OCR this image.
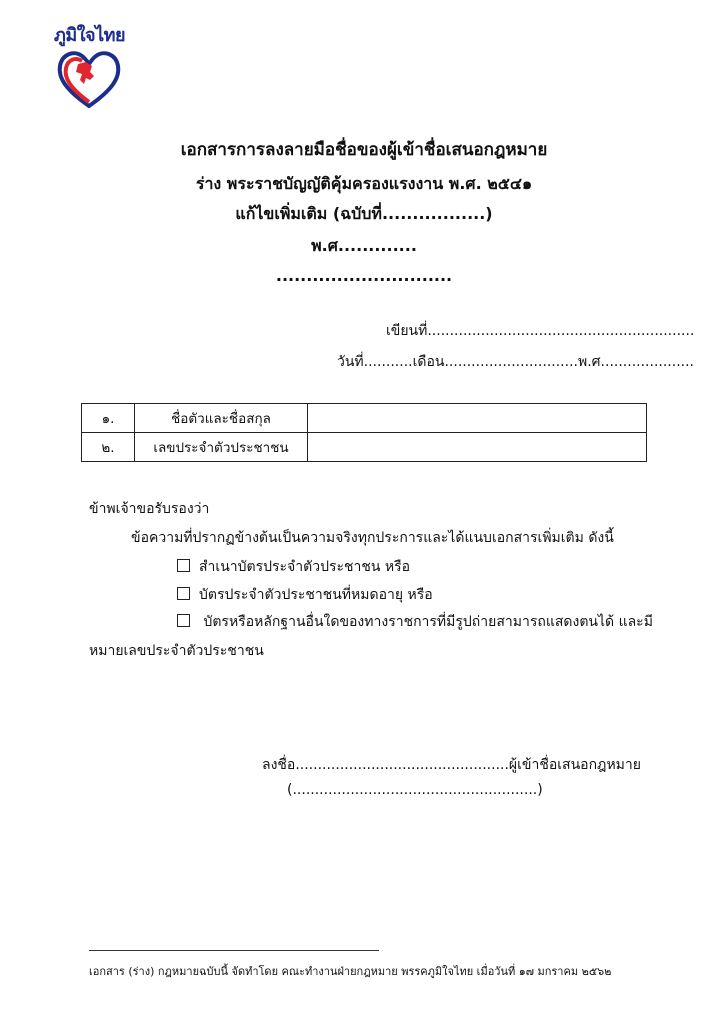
ภูมิใจไทย
เอกสารการลงลายมือชื่อของผู้เข้าชื่อเสนอกฎหมาย
ร่าง พระราชบัญญัติคุ้มครองแรงงาน พ.ศ. ๒๕๔๑
แก้ไขเพิ่มเติม (ฉบับที่.................)
พ.ศ.............
.............................
เขียนที่............................................................
วันที่...........เดือน..............................พ.ศ.....................
๑.	ชื่อตัวและชื่อสกุล	
๒.	เลขประจำตัวประชาชน	
ข้าพเจ้าขอรับรองว่า
ข้อความที่ปรากฏข้างต้นเป็นความจริงทุกประการและได้แนบเอกสารเพิ่มเติม ดังนี้
สำเนาบัตรประจำตัวประชาชน หรือ
บัตรประจำตัวประชาชนที่หมดอายุ หรือ
บัตรหรือหลักฐานอื่นใดของทางราชการที่มีรูปถ่ายสามารถแสดงตนได้ และมี
หมายเลขประจำตัวประชาชน
ลงชื่อ................................................ผู้เข้าชื่อเสนอกฎหมาย
(.......................................................)
เอกสาร (ร่าง) กฎหมายฉบับนี้ จัดทำโดย คณะทำงานฝ่ายกฎหมาย พรรคภูมิใจไทย เมื่อวันที่ ๑๗ มกราคม ๒๕๖๒
